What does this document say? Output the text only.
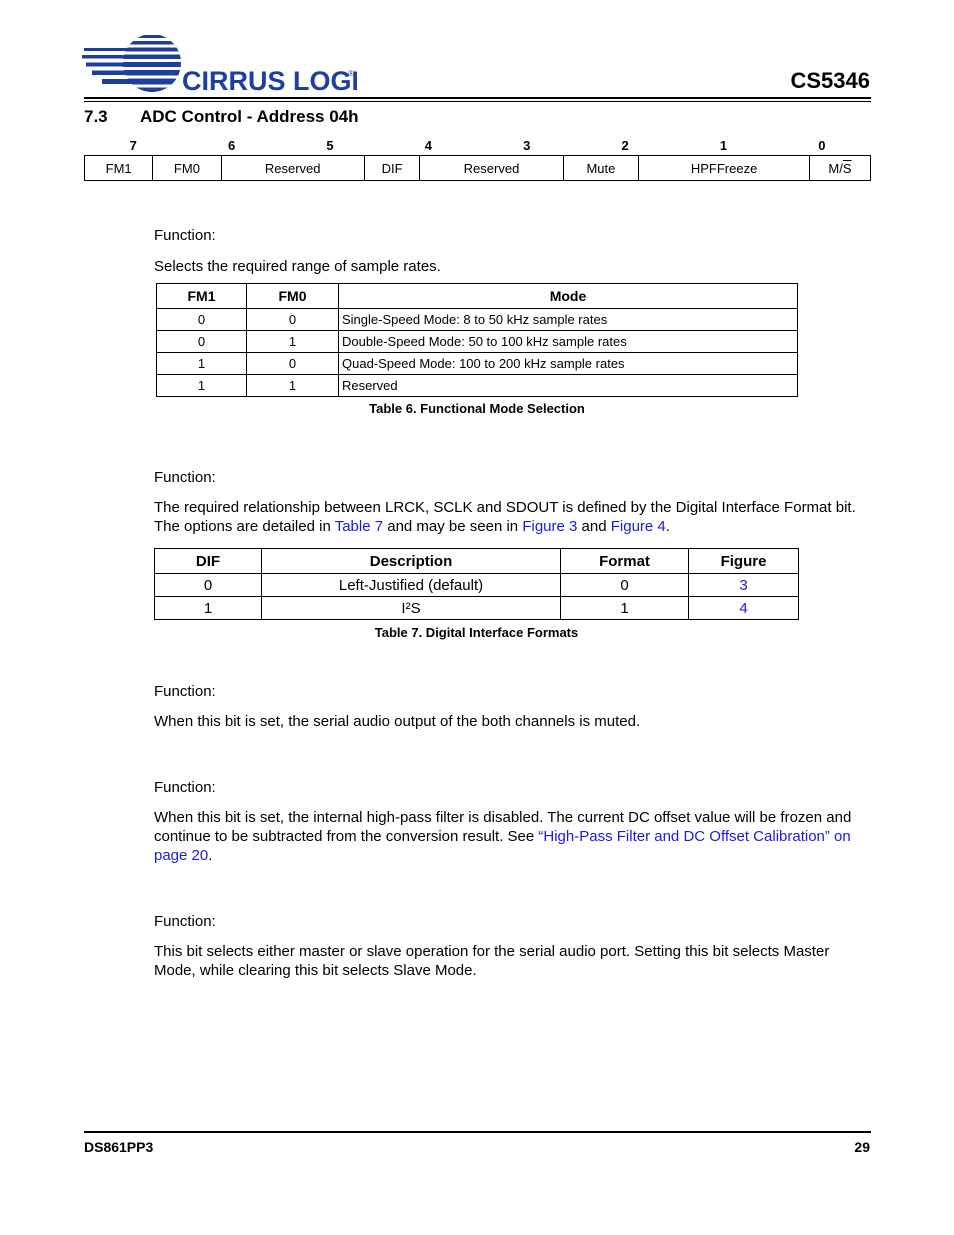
CIRRUS LOGI
CIRRUS LOGI
®	CS5346
7.3 ADC Control - Address 04h
7	6	5	4	3	2	1	0
FM1	FM0	Reserved	DIF	Reserved	Mute	HPFFreeze	$M/\overline{S}$
Function:
Selects the required range of sample rates.
FM1	FM0	Mode
0	0	Single-Speed Mode: 8 to 50 kHz sample rates
0	1	Double-Speed Mode: 50 to 100 kHz sample rates
1	0	Quad-Speed Mode: 100 to 200 kHz sample rates
1	1	Reserved
Table 6. Functional Mode Selection
Function:
The required relationship between LRCK, SCLK and SDOUT is defined by the Digital Interface Format bit. The options are detailed in Table 7 and may be seen in Figure 3 and Figure 4.
DIF	Description	Format	Figure
0	Left-Justified (default)	0	3
1	I²S	1	4
Table 7. Digital Interface Formats
Function:
When this bit is set, the serial audio output of the both channels is muted.
Function:
When this bit is set, the internal high-pass filter is disabled. The current DC offset value will be frozen and continue to be subtracted from the conversion result. See “High-Pass Filter and DC Offset Calibration” on page 20.
Function:
This bit selects either master or slave operation for the serial audio port. Setting this bit selects Master Mode, while clearing this bit selects Slave Mode.
DS861PP3	29
